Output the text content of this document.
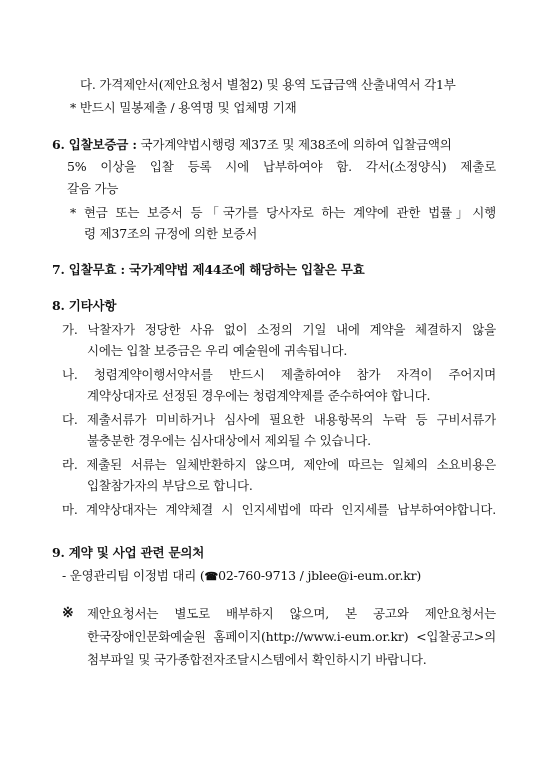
다. 가격제안서(제안요청서 별첨2) 및 용역 도급금액 산출내역서 각1부
* 반드시 밀봉제출 / 용역명 및 업체명 기재
6. 입찰보증금 : 국가계약법시행령 제37조 및 제38조에 의하여 입찰금액의
5% 이상을 입찰 등록 시에 납부하여야 함. 각서(소정양식) 제출로
갈음 가능
* 현금 또는 보증서 등「국가를 당사자로 하는 계약에 관한 법률」시행
령 제37조의 규정에 의한 보증서
7. 입찰무효 : 국가계약법 제44조에 해당하는 입찰은 무효
8. 기타사항
가. 낙찰자가 정당한 사유 없이 소정의 기일 내에 계약을 체결하지 않을
시에는 입찰 보증금은 우리 예술원에 귀속됩니다.
나. 청렴계약이행서약서를 반드시 제출하여야 참가 자격이 주어지며
계약상대자로 선정된 경우에는 청렴계약제를 준수하여야 합니다.
다. 제출서류가 미비하거나 심사에 필요한 내용항목의 누락 등 구비서류가
불충분한 경우에는 심사대상에서 제외될 수 있습니다.
라. 제출된 서류는 일체반환하지 않으며, 제안에 따르는 일체의 소요비용은
입찰참가자의 부담으로 합니다.
마. 계약상대자는 계약체결 시 인지세법에 따라 인지세를 납부하여야합니다.
9. 계약 및 사업 관련 문의처
- 운영관리팀 이정범 대리 (☎02-760-9713 / jblee@i-eum.or.kr)
※ 제안요청서는 별도로 배부하지 않으며, 본 공고와 제안요청서는
한국장애인문화예술원 홈페이지(http://www.i-eum.or.kr) <입찰공고>의
첨부파일 및 국가종합전자조달시스템에서 확인하시기 바랍니다.
